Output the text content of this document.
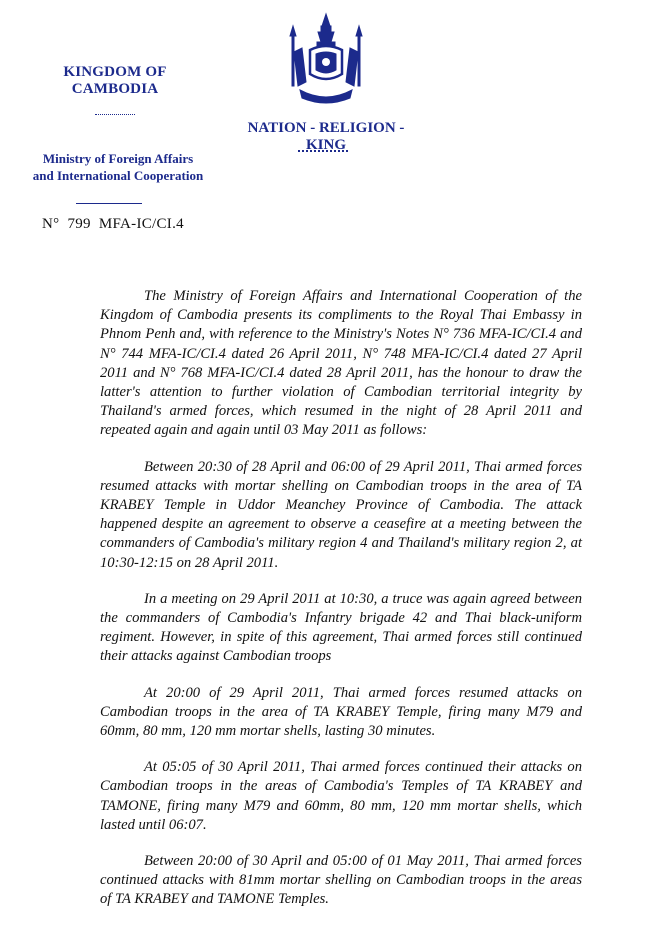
KINGDOM OF CAMBODIA
NATION - RELIGION - KING
Ministry of Foreign Affairs
and International Cooperation
N° 799 MFA-IC/CI.4

The Ministry of Foreign Affairs and International Cooperation of the Kingdom of Cambodia presents its compliments to the Royal Thai Embassy in Phnom Penh and, with reference to the Ministry's Notes N° 736 MFA-IC/CI.4 and N° 744 MFA-IC/CI.4 dated 26 April 2011, N° 748 MFA-IC/CI.4 dated 27 April 2011 and N° 768 MFA-IC/CI.4 dated 28 April 2011, has the honour to draw the latter's attention to further violation of Cambodian territorial integrity by Thailand's armed forces, which resumed in the night of 28 April 2011 and repeated again and again until 03 May 2011 as follows:

Between 20:30 of 28 April and 06:00 of 29 April 2011, Thai armed forces resumed attacks with mortar shelling on Cambodian troops in the area of TA KRABEY Temple in Uddor Meanchey Province of Cambodia. The attack happened despite an agreement to observe a ceasefire at a meeting between the commanders of Cambodia's military region 4 and Thailand's military region 2, at 10:30-12:15 on 28 April 2011.

In a meeting on 29 April 2011 at 10:30, a truce was again agreed between the commanders of Cambodia's Infantry brigade 42 and Thai black-uniform regiment. However, in spite of this agreement, Thai armed forces still continued their attacks against Cambodian troops

At 20:00 of 29 April 2011, Thai armed forces resumed attacks on Cambodian troops in the area of TA KRABEY Temple, firing many M79 and 60mm, 80 mm, 120 mm mortar shells, lasting 30 minutes.

At 05:05 of 30 April 2011, Thai armed forces continued their attacks on Cambodian troops in the areas of Cambodia's Temples of TA KRABEY and TAMONE, firing many M79 and 60mm, 80 mm, 120 mm mortar shells, which lasted until 06:07.

Between 20:00 of 30 April and 05:00 of 01 May 2011, Thai armed forces continued attacks with 81mm mortar shelling on Cambodian troops in the areas of TA KRABEY and TAMONE Temples.
